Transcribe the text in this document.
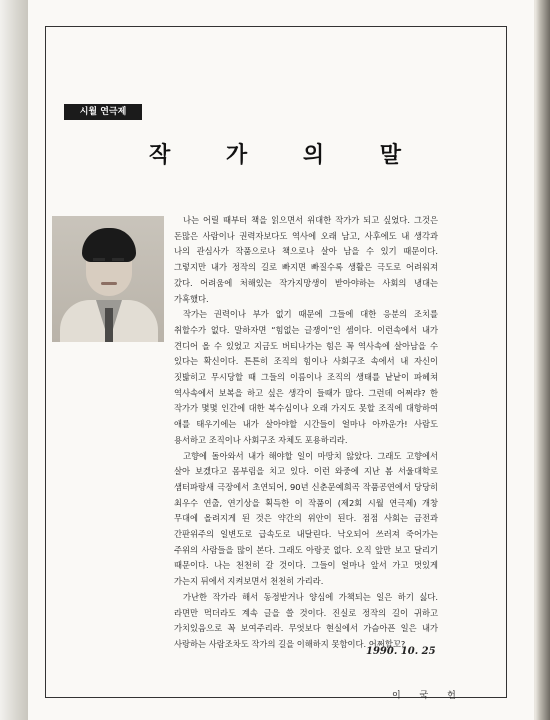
시월 연극제
작 가 의 말

나는 어릴 때부터 책을 읽으면서 위대한 작가가 되고 싶었다. 그것은 돈많은 사람이나 권력자보다도 역사에 오래 남고, 사후에도 내 생각과 나의 관심사가 작품으로나 책으로나 살아 남을 수 있기 때문이다. 그렇지만 내가 정작의 길로 빠지면 빠질수록 생활은 극도로 어려워져 갔다. 어려움에 처해있는 작가지망생이 받아야하는 사회의 냉대는 가혹했다.

작가는 권력이나 부가 없기 때문에 그들에 대한 응분의 조치를 취할수가 없다. 말하자면 “힘없는 글쟁이”인 셈이다. 이런속에서 내가 견디어 올 수 있었고 지금도 버티나가는 힘은 꼭 역사속에 살아남을 수 있다는 확신이다. 튼튼히 조직의 힘이나 사회구조 속에서 내 자신이 짓밟히고 무시당할 때 그들의 이름이나 조직의 생태를 낱낱이 파헤쳐 역사속에서 보복을 하고 싶은 생각이 들때가 많다. 그런데 어쩌랴? 한 작가가 몇몇 인간에 대한 복수심이나 오래 가지도 못할 조직에 대항하여 애를 태우기에는 내가 살아야할 시간들이 얼마나 아까운가! 사람도 용서하고 조직이나 사회구조 자체도 포용하리라.

고향에 돌아와서 내가 해야할 일이 마땅치 않았다. 그래도 고향에서 살아 보겠다고 몸부림을 치고 있다. 이런 와중에 지난 봄 서울대학로 샘터파랑새 극장에서 초연되어, 90년 신춘문예희곡 작품공연에서 당당히 최우수 연출, 연기상을 획득한 이 작품이 (제2회 시월 연극제) 개창 무대에 올려지게 된 것은 약간의 위안이 된다. 점점 사회는 금전과 간판위주의 일변도로 급속도로 내달린다. 낙오되어 쓰러져 죽어가는 주위의 사람들을 많이 본다. 그래도 아랑곳 없다. 오직 앞만 보고 달리기 때문이다. 나는 천천히 갈 것이다. 그들이 얼마나 앞서 가고 멋있게 가는지 뒤에서 지켜보면서 천천히 가리라.

가난한 작가라 해서 동정받거나 양심에 가책되는 일은 하기 싫다. 라면만 먹더라도 계속 글을 쓸 것이다. 진실로 정작의 길이 귀하고 가치있음으로 꼭 보여주리라. 무엇보다 현실에서 가슴아픈 일은 내가 사랑하는 사람조차도 작가의 길을 이해하지 못함이다. 어쩌할꼬?

1990. 10. 25
이 국 헌
